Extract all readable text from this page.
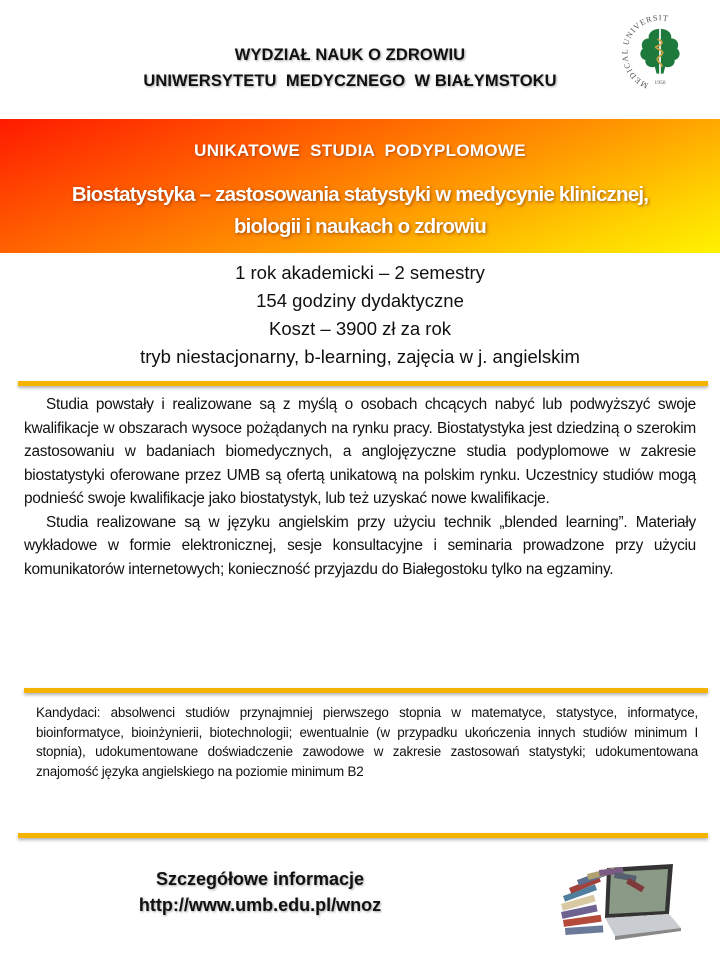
WYDZIAŁ NAUK O ZDROWIU
UNIWERSYTETU  MEDYCZNEGO  W BIAŁYMSTOKU	MEDICAL UNIVERSITY
1950
UNIKATOWE  STUDIA  PODYPLOMOWE
Biostatystyka – zastosowania statystyki w medycynie klinicznej,
biologii i naukach o zdrowiu
1 rok akademicki – 2 semestry
154 godziny dydaktyczne
Koszt – 3900 zł za rok
tryb niestacjonarny, b-learning, zajęcia w j. angielskim

Studia powstały i realizowane są z myślą o osobach chcących nabyć lub podwyższyć swoje kwalifikacje w obszarach wysoce pożądanych na rynku pracy. Biostatystyka jest dziedziną o szerokim zastosowaniu w badaniach biomedycznych, a anglojęzyczne studia podyplomowe w zakresie biostatystyki oferowane przez UMB są ofertą unikatową na polskim rynku. Uczestnicy studiów mogą podnieść swoje kwalifikacje jako biostatystyk, lub też uzyskać nowe kwalifikacje.

Studia realizowane są w języku angielskim przy użyciu technik „blended learning”. Materiały wykładowe w formie elektronicznej, sesje konsultacyjne i seminaria prowadzone przy użyciu komunikatorów internetowych; konieczność przyjazdu do Białegostoku tylko na egzaminy.

Kandydaci: absolwenci studiów przynajmniej pierwszego stopnia w matematyce, statystyce, informatyce, bioinformatyce, bioinżynierii, biotechnologii; ewentualnie (w przypadku ukończenia innych studiów minimum I stopnia), udokumentowane doświadczenie zawodowe w zakresie zastosowań statystyki; udokumentowana znajomość języka angielskiego na poziomie minimum B2
Szczegółowe informacje
http://www.umb.edu.pl/wnoz
